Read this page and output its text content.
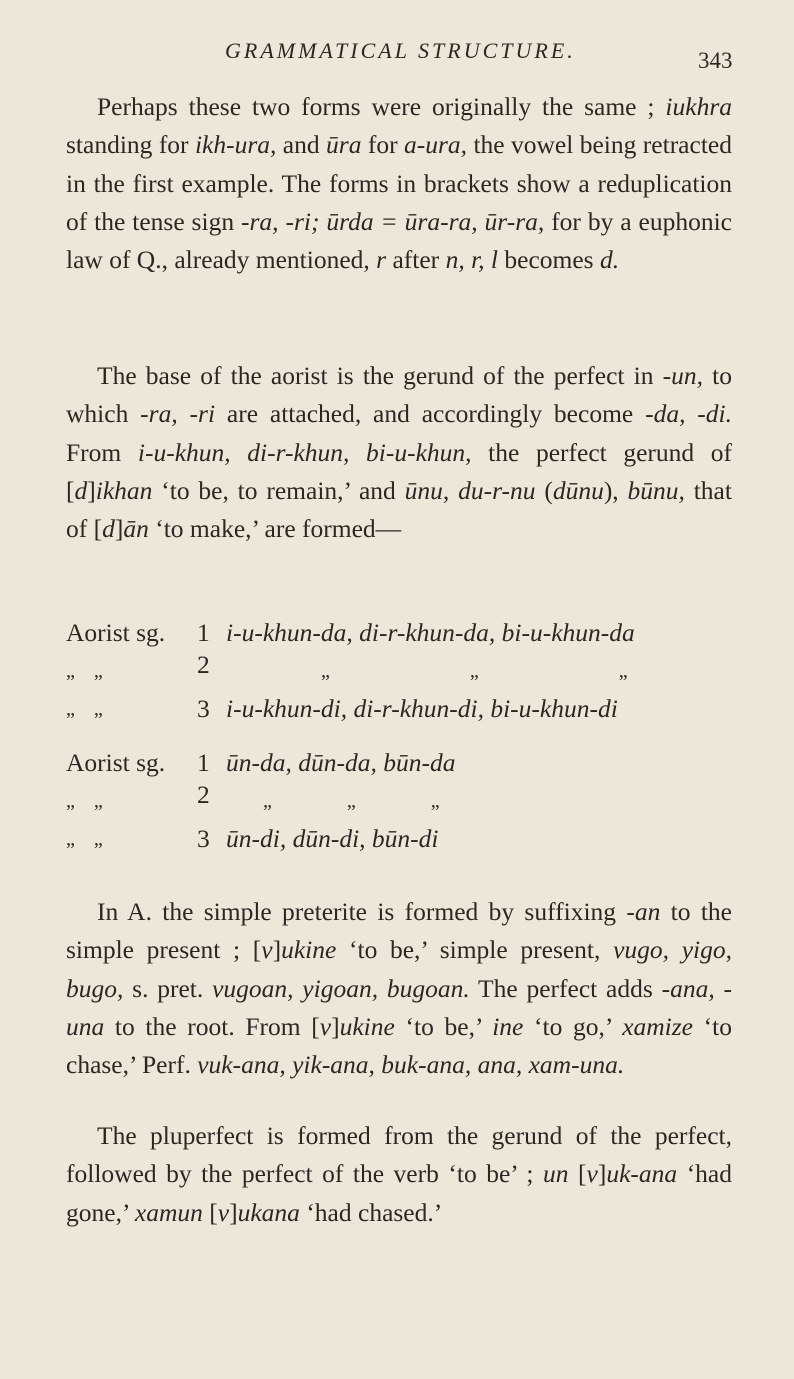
GRAMMATICAL STRUCTURE.	343

Perhaps these two forms were originally the same ; iukhra standing for ikh-ura, and ūra for a-ura, the vowel being retracted in the first example. The forms in brackets show a reduplication of the tense sign -ra, -ri; ūrda = ūra-ra, ūr-ra, for by a euphonic law of Q., already mentioned, r after n, r, l becomes d.

The base of the aorist is the gerund of the perfect in -un, to which -ra, -ri are attached, and accordingly become -da, -di. From i-u-khun, di-r-khun, bi-u-khun, the perfect gerund of [d]ikhan ‘to be, to remain,’ and ūnu, du-r-nu (dūnu), būnu, that of [d]ān ‘to make,’ are formed—

Aorist sg. 1 i-u-khun-da, di-r-khun-da, bi-u-khun-da
„ „	2	„ „ „
„ „	3 i-u-khun-di, di-r-khun-di, bi-u-khun-di
Aorist sg. 1 ūn-da, dūn-da, būn-da
„ „	2	„ „ „
„ „	3 ūn-di, dūn-di, būn-di

In A. the simple preterite is formed by suffixing -an to the simple present ; [v]ukine ‘to be,’ simple present, vugo, yigo, bugo, s. pret. vugoan, yigoan, bugoan. The perfect adds -ana, -una to the root. From [v]ukine ‘to be,’ ine ‘to go,’ xamize ‘to chase,’ Perf. vuk-ana, yik-ana, buk-ana, ana, xam-una.

The pluperfect is formed from the gerund of the perfect, followed by the perfect of the verb ‘to be’ ; un [v]uk-ana ‘had gone,’ xamun [v]ukana ‘had chased.’
